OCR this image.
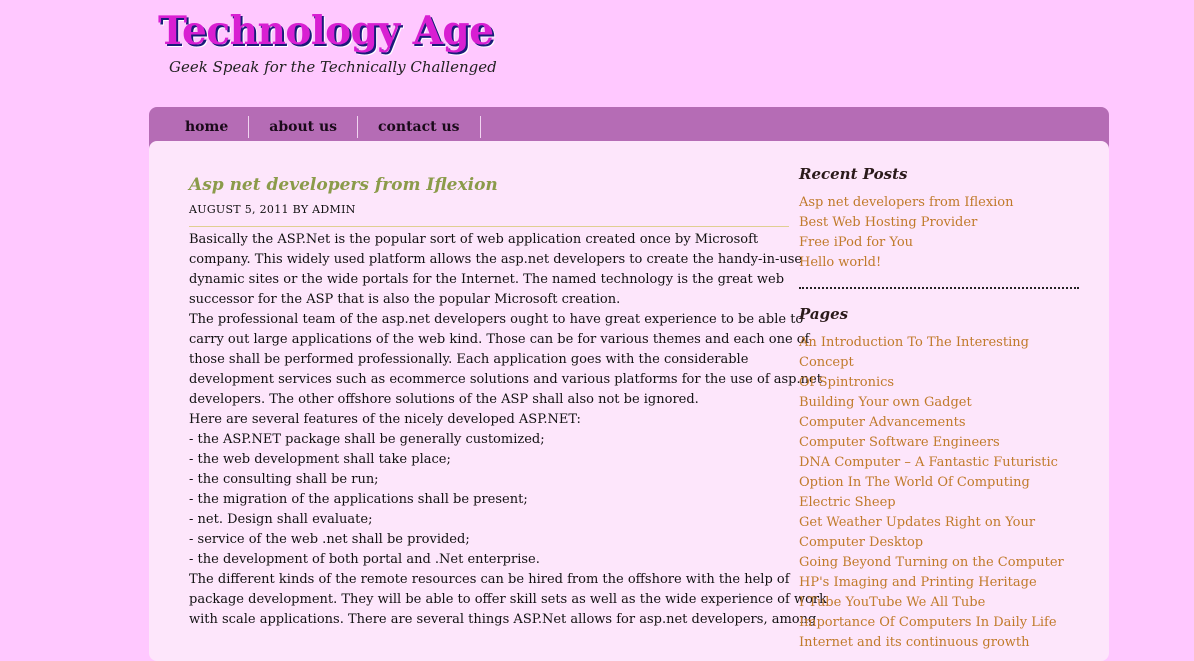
Technology Age
Geek Speak for the Technically Challenged
home	about us	contact us
Asp net developers from Iflexion
AUGUST 5, 2011 BY ADMIN
Basically the ASP.Net is the popular sort of web application created once by Microsoft
company. This widely used platform allows the asp.net developers to create the handy-in-use
dynamic sites or the wide portals for the Internet. The named technology is the great web
successor for the ASP that is also the popular Microsoft creation.
The professional team of the asp.net developers ought to have great experience to be able to
carry out large applications of the web kind. Those can be for various themes and each one of
those shall be performed professionally. Each application goes with the considerable
development services such as ecommerce solutions and various platforms for the use of asp.net
developers. The other offshore solutions of the ASP shall also not be ignored.
Here are several features of the nicely developed ASP.NET:
- the ASP.NET package shall be generally customized;
- the web development shall take place;
- the consulting shall be run;
- the migration of the applications shall be present;
- net. Design shall evaluate;
- service of the web .net shall be provided;
- the development of both portal and .Net enterprise.
The different kinds of the remote resources can be hired from the offshore with the help of
package development. They will be able to offer skill sets as well as the wide experience of work
with scale applications. There are several things ASP.Net allows for asp.net developers, among
Recent Posts
Asp net developers from Iflexion
Best Web Hosting Provider
Free iPod for You
Hello world!
Pages
An Introduction To The Interesting Concept
Of Spintronics
Building Your own Gadget
Computer Advancements
Computer Software Engineers
DNA Computer – A Fantastic Futuristic
Option In The World Of Computing
Electric Sheep
Get Weather Updates Right on Your
Computer Desktop
Going Beyond Turning on the Computer
HP's Imaging and Printing Heritage
I Tube YouTube We All Tube
Importance Of Computers In Daily Life
Internet and its continuous growth
